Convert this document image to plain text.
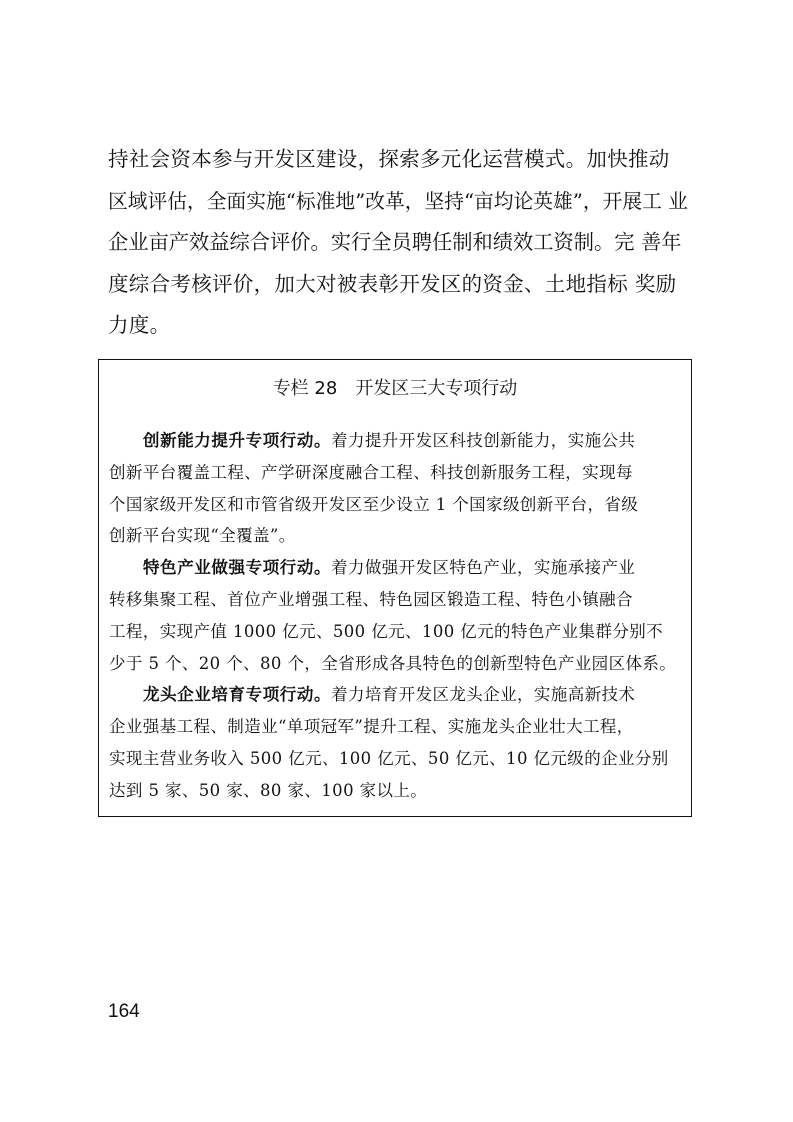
持社会资本参与开发区建设，探索多元化运营模式。加快推动
区域评估，全面实施“标准地”改革，坚持“亩均论英雄”，开展工 业
企业亩产效益综合评价。实行全员聘任制和绩效工资制。完 善年
度综合考核评价，加大对被表彰开发区的资金、土地指标 奖励
力度。
专栏 28　开发区三大专项行动
创新能力提升专项行动。着力提升开发区科技创新能力，实施公共
创新平台覆盖工程、产学研深度融合工程、科技创新服务工程，实现每
个国家级开发区和市管省级开发区至少设立 1 个国家级创新平台，省级
创新平台实现“全覆盖”。
特色产业做强专项行动。着力做强开发区特色产业，实施承接产业
转移集聚工程、首位产业增强工程、特色园区锻造工程、特色小镇融合
工程，实现产值 1000 亿元、500 亿元、100 亿元的特色产业集群分别不
少于 5 个、20 个、80 个，全省形成各具特色的创新型特色产业园区体系。
龙头企业培育专项行动。着力培育开发区龙头企业，实施高新技术
企业强基工程、制造业“单项冠军”提升工程、实施龙头企业壮大工程，
实现主营业务收入 500 亿元、100 亿元、50 亿元、10 亿元级的企业分别
达到 5 家、50 家、80 家、100 家以上。
164
